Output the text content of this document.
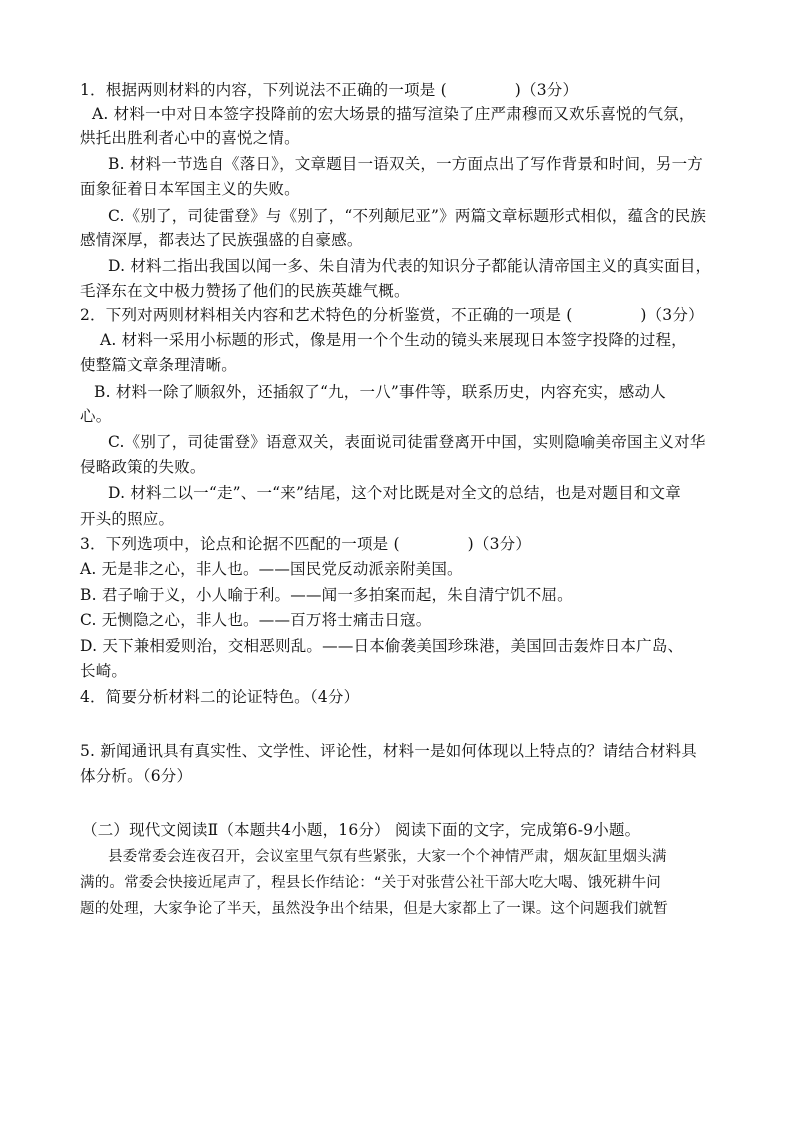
1．根据两则材料的内容，下列说法不正确的一项是 (　　　　 )（3分）
A. 材料一中对日本签字投降前的宏大场景的描写渲染了庄严肃穆而又欢乐喜悦的气氛，
烘托出胜利者心中的喜悦之情。
B. 材料一节选自《落日》，文章题目一语双关，一方面点出了写作背景和时间，另一方
面象征着日本军国主义的失败。
C.《别了，司徒雷登》与《别了，“不列颠尼亚”》两篇文章标题形式相似，蕴含的民族
感情深厚，都表达了民族强盛的自豪感。
D. 材料二指出我国以闻一多、朱自清为代表的知识分子都能认清帝国主义的真实面目，
毛泽东在文中极力赞扬了他们的民族英雄气概。
2．下列对两则材料相关内容和艺术特色的分析鉴赏，不正确的一项是 (　　　　 )（3分）
A. 材料一采用小标题的形式，像是用一个个生动的镜头来展现日本签字投降的过程，
使整篇文章条理清晰。
B. 材料一除了顺叙外，还插叙了“九，一八”事件等，联系历史，内容充实，感动人
心。
C.《别了，司徒雷登》语意双关，表面说司徒雷登离开中国，实则隐喻美帝国主义对华
侵略政策的失败。
D. 材料二以一“走”、一“来”结尾，这个对比既是对全文的总结，也是对题目和文章
开头的照应。
3．下列选项中，论点和论据不匹配的一项是 (　　　　 )（3分）
A. 无是非之心，非人也。——国民党反动派亲附美国。
B. 君子喻于义，小人喻于利。——闻一多拍案而起，朱自清宁饥不屈。
C. 无恻隐之心，非人也。——百万将士痛击日寇。
D. 天下兼相爱则治，交相恶则乱。——日本偷袭美国珍珠港，美国回击轰炸日本广岛、
长崎。
4．简要分析材料二的论证特色。（4分）
5. 新闻通讯具有真实性、文学性、评论性，材料一是如何体现以上特点的？请结合材料具
体分析。（6分）
（二）现代文阅读Ⅱ（本题共4小题，16分） 阅读下面的文字，完成第6-9小题。
县委常委会连夜召开，会议室里气氛有些紧张，大家一个个神情严肃，烟灰缸里烟头满
满的。常委会快接近尾声了，程县长作结论：“关于对张营公社干部大吃大喝、饿死耕牛问
题的处理，大家争论了半天，虽然没争出个结果，但是大家都上了一课。这个问题我们就暂
